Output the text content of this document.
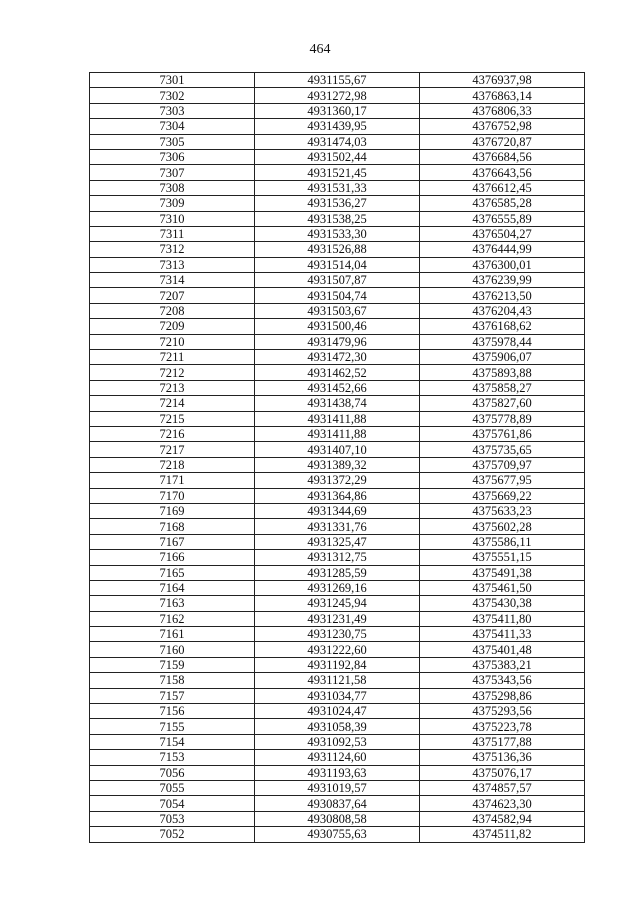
464
7301	4931155,67	4376937,98
7302	4931272,98	4376863,14
7303	4931360,17	4376806,33
7304	4931439,95	4376752,98
7305	4931474,03	4376720,87
7306	4931502,44	4376684,56
7307	4931521,45	4376643,56
7308	4931531,33	4376612,45
7309	4931536,27	4376585,28
7310	4931538,25	4376555,89
7311	4931533,30	4376504,27
7312	4931526,88	4376444,99
7313	4931514,04	4376300,01
7314	4931507,87	4376239,99
7207	4931504,74	4376213,50
7208	4931503,67	4376204,43
7209	4931500,46	4376168,62
7210	4931479,96	4375978,44
7211	4931472,30	4375906,07
7212	4931462,52	4375893,88
7213	4931452,66	4375858,27
7214	4931438,74	4375827,60
7215	4931411,88	4375778,89
7216	4931411,88	4375761,86
7217	4931407,10	4375735,65
7218	4931389,32	4375709,97
7171	4931372,29	4375677,95
7170	4931364,86	4375669,22
7169	4931344,69	4375633,23
7168	4931331,76	4375602,28
7167	4931325,47	4375586,11
7166	4931312,75	4375551,15
7165	4931285,59	4375491,38
7164	4931269,16	4375461,50
7163	4931245,94	4375430,38
7162	4931231,49	4375411,80
7161	4931230,75	4375411,33
7160	4931222,60	4375401,48
7159	4931192,84	4375383,21
7158	4931121,58	4375343,56
7157	4931034,77	4375298,86
7156	4931024,47	4375293,56
7155	4931058,39	4375223,78
7154	4931092,53	4375177,88
7153	4931124,60	4375136,36
7056	4931193,63	4375076,17
7055	4931019,57	4374857,57
7054	4930837,64	4374623,30
7053	4930808,58	4374582,94
7052	4930755,63	4374511,82
